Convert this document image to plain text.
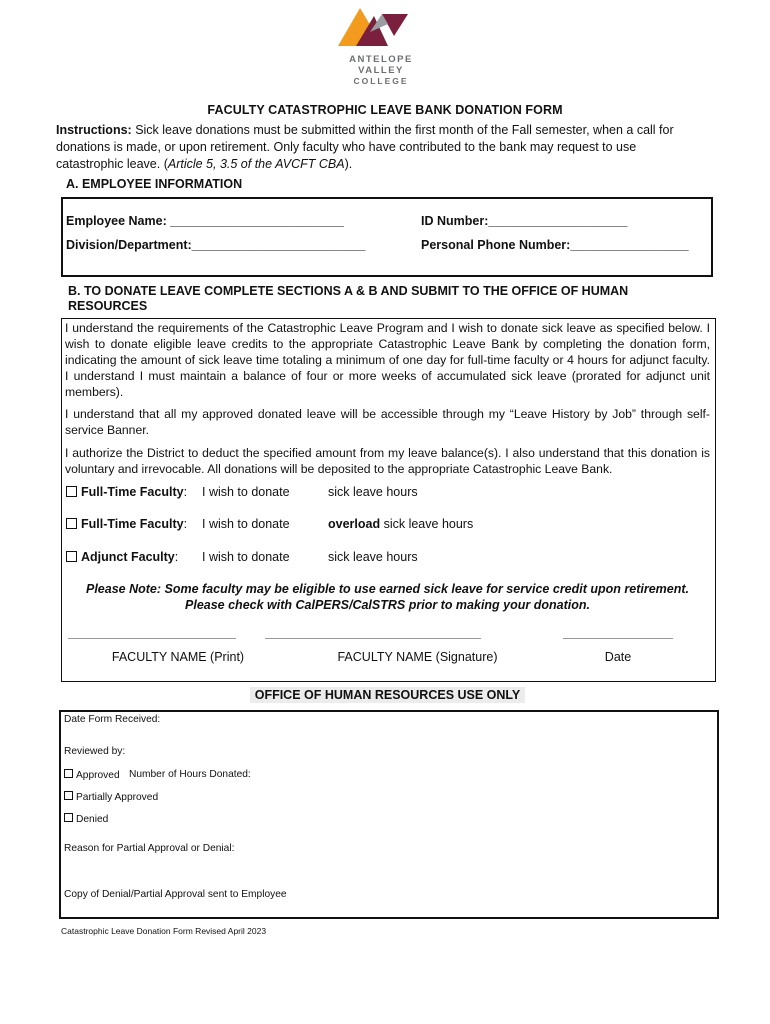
ANTELOPE
VALLEY
COLLEGE
FACULTY CATASTROPHIC LEAVE BANK DONATION FORM
Instructions: Sick leave donations must be submitted within the first month of the Fall semester, when a call for donations is made, or upon retirement. Only faculty who have contributed to the bank may request to use catastrophic leave. (Article 5, 3.5 of the AVCFT CBA).
A. EMPLOYEE INFORMATION
Employee Name: _________________________	ID Number:____________________
Division/Department:_________________________	Personal Phone Number:_________________
B. TO DONATE LEAVE COMPLETE SECTIONS A & B AND SUBMIT TO THE OFFICE OF HUMAN RESOURCES
I understand the requirements of the Catastrophic Leave Program and I wish to donate sick leave as specified below. I wish to donate eligible leave credits to the appropriate Catastrophic Leave Bank by completing the donation form, indicating the amount of sick leave time totaling a minimum of one day for full-time faculty or 4 hours for adjunct faculty. I understand I must maintain a balance of four or more weeks of accumulated sick leave (prorated for adjunct unit members).
I understand that all my approved donated leave will be accessible through my “Leave History by Job” through self-service Banner.
I authorize the District to deduct the specified amount from my leave balance(s). I also understand that this donation is voluntary and irrevocable. All donations will be deposited to the appropriate Catastrophic Leave Bank.
Full-Time Faculty: I wish to donate	sick leave hours
Full-Time Faculty: I wish to donate	overload sick leave hours
Adjunct Faculty: I wish to donate	sick leave hours
Please Note: Some faculty may be eligible to use earned sick leave for service credit upon retirement.
Please check with CalPERS/CalSTRS prior to making your donation.
FACULTY NAME (Print)	FACULTY NAME (Signature)	Date
OFFICE OF HUMAN RESOURCES USE ONLY
Date Form Received:
Reviewed by:
Approved Number of Hours Donated:
Partially Approved
Denied
Reason for Partial Approval or Denial:
Copy of Denial/Partial Approval sent to Employee
Catastrophic Leave Donation Form Revised April 2023
